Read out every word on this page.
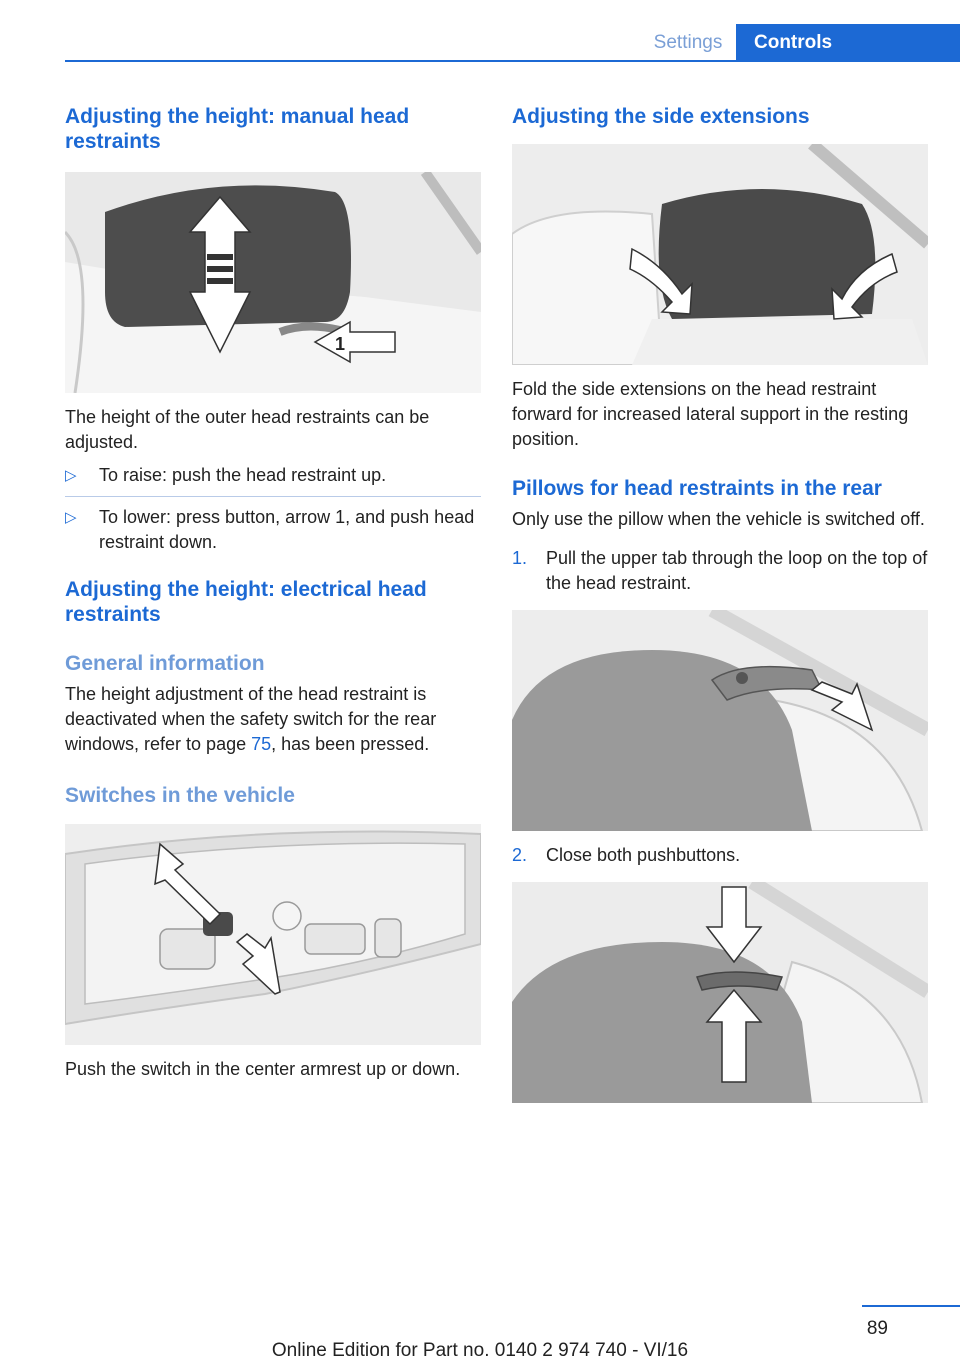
Settings	Controls
Adjusting the height: manual head restraints
1

The height of the outer head restraints can be adjusted.

▷ To raise: push the head restraint up.
▷ To lower: press button, arrow 1, and push head restraint down.
Adjusting the height: electrical head restraints
General information

The height adjustment of the head restraint is deactivated when the safety switch for the rear windows, refer to page 75, has been pressed.

Switches in the vehicle

Push the switch in the center armrest up or down.

Adjusting the side extensions

Fold the side extensions on the head restraint forward for increased lateral support in the resting position.

Pillows for head restraints in the rear

Only use the pillow when the vehicle is switched off.

1. Pull the upper tab through the loop on the top of the head restraint.
2. Close both pushbuttons.
89
Online Edition for Part no. 0140 2 974 740 - VI/16
